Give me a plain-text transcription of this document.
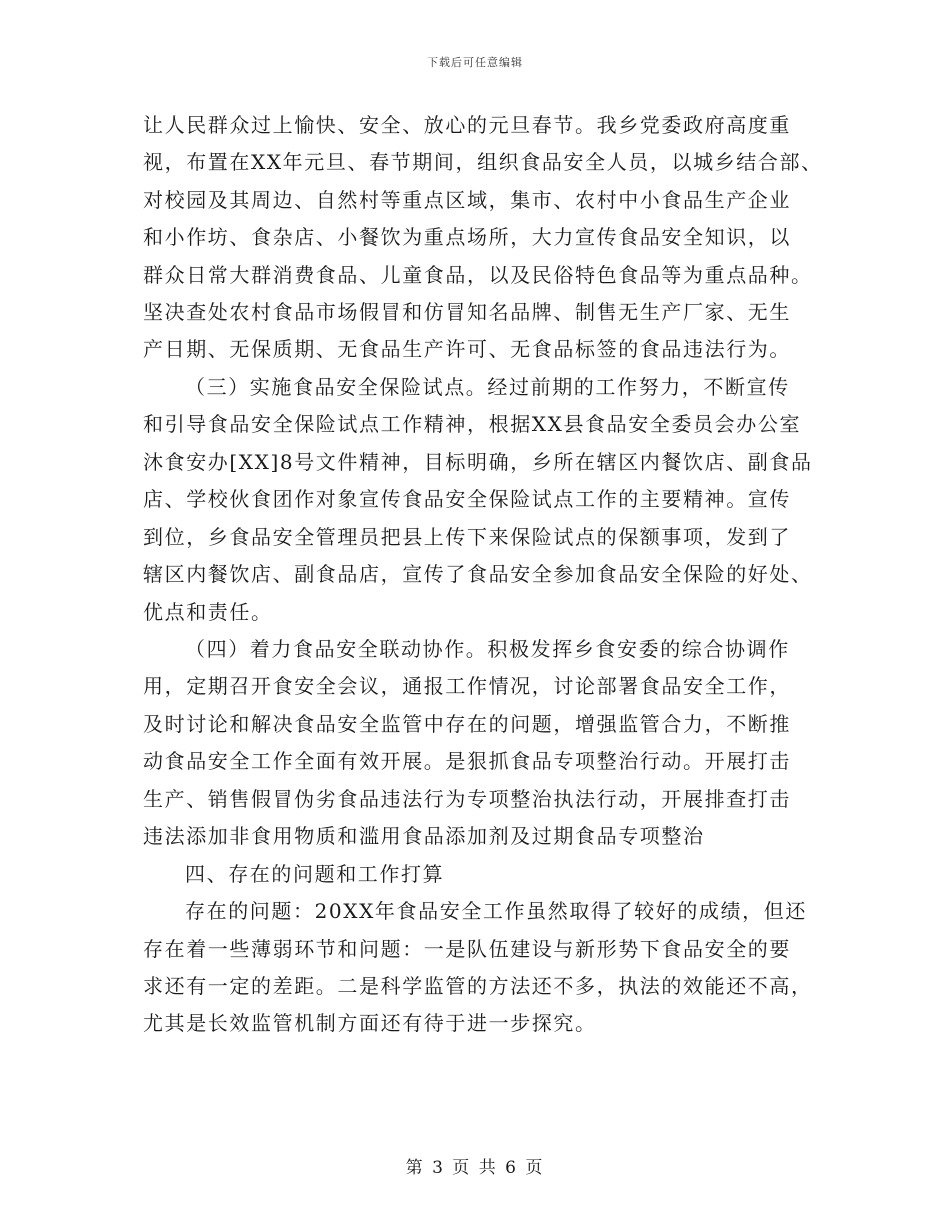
下载后可任意编辑
让人民群众过上愉快、安全、放心的元旦春节。我乡党委政府高度重
视，布置在XX年元旦、春节期间，组织食品安全人员，以城乡结合部、
对校园及其周边、自然村等重点区域，集市、农村中小食品生产企业
和小作坊、食杂店、小餐饮为重点场所，大力宣传食品安全知识，以
群众日常大群消费食品、儿童食品，以及民俗特色食品等为重点品种。
坚决查处农村食品市场假冒和仿冒知名品牌、制售无生产厂家、无生
产日期、无保质期、无食品生产许可、无食品标签的食品违法行为。
（三）实施食品安全保险试点。经过前期的工作努力，不断宣传
和引导食品安全保险试点工作精神，根据XX县食品安全委员会办公室
沐食安办[XX]8号文件精神，目标明确，乡所在辖区内餐饮店、副食品
店、学校伙食团作对象宣传食品安全保险试点工作的主要精神。宣传
到位，乡食品安全管理员把县上传下来保险试点的保额事项，发到了
辖区内餐饮店、副食品店，宣传了食品安全参加食品安全保险的好处、
优点和责任。
（四）着力食品安全联动协作。积极发挥乡食安委的综合协调作
用，定期召开食安全会议，通报工作情况，讨论部署食品安全工作，
及时讨论和解决食品安全监管中存在的问题，增强监管合力，不断推
动食品安全工作全面有效开展。是狠抓食品专项整治行动。开展打击
生产、销售假冒伪劣食品违法行为专项整治执法行动，开展排查打击
违法添加非食用物质和滥用食品添加剂及过期食品专项整治
四、存在的问题和工作打算
存在的问题：20XX年食品安全工作虽然取得了较好的成绩，但还
存在着一些薄弱环节和问题：一是队伍建设与新形势下食品安全的要
求还有一定的差距。二是科学监管的方法还不多，执法的效能还不高，
尤其是长效监管机制方面还有待于进一步探究。
第 3 页 共 6 页
